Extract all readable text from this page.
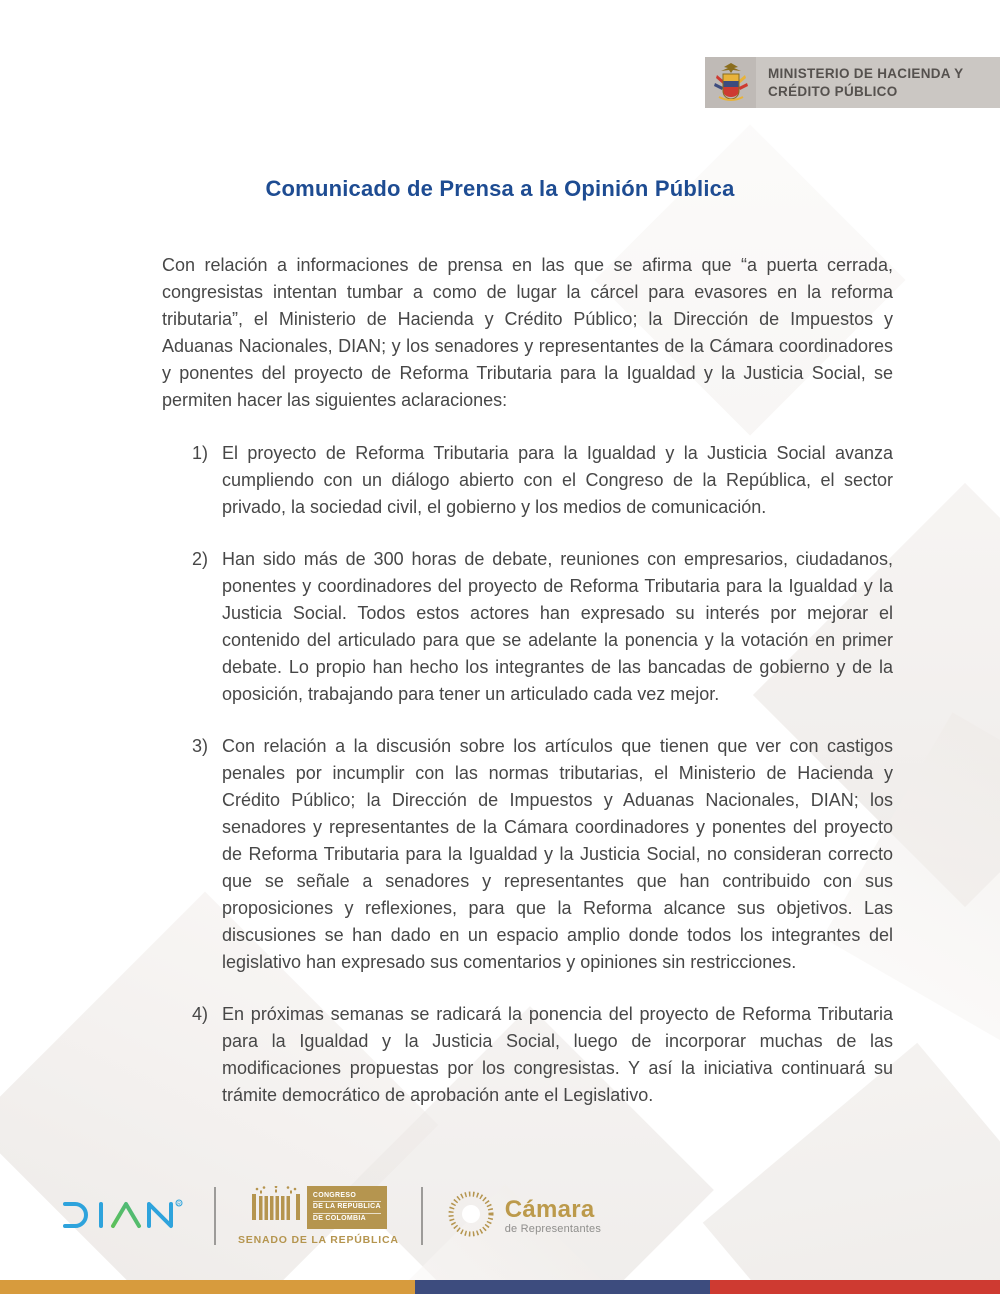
MINISTERIO DE HACIENDA Y
CRÉDITO PÚBLICO
Comunicado de Prensa a la Opinión Pública

Con relación a informaciones de prensa en las que se afirma que “a puerta cerrada, congresistas intentan tumbar a como de lugar la cárcel para evasores en la reforma tributaria”, el Ministerio de Hacienda y Crédito Público; la Dirección de Impuestos y Aduanas Nacionales, DIAN; y los senadores y representantes de la Cámara coordinadores y ponentes del proyecto de Reforma Tributaria para la Igualdad y la Justicia Social, se permiten hacer las siguientes aclaraciones:

1) El proyecto de Reforma Tributaria para la Igualdad y la Justicia Social avanza cumpliendo con un diálogo abierto con el Congreso de la República, el sector privado, la sociedad civil, el gobierno y los medios de comunicación.
2) Han sido más de 300 horas de debate, reuniones con empresarios, ciudadanos, ponentes y coordinadores del proyecto de Reforma Tributaria para la Igualdad y la Justicia Social. Todos estos actores han expresado su interés por mejorar el contenido del articulado para que se adelante la ponencia y la votación en primer debate. Lo propio han hecho los integrantes de las bancadas de gobierno y de la oposición, trabajando para tener un articulado cada vez mejor.
3) Con relación a la discusión sobre los artículos que tienen que ver con castigos penales por incumplir con las normas tributarias, el Ministerio de Hacienda y Crédito Público; la Dirección de Impuestos y Aduanas Nacionales, DIAN; los senadores y representantes de la Cámara coordinadores y ponentes del proyecto de Reforma Tributaria para la Igualdad y la Justicia Social, no consideran correcto que se señale a senadores y representantes que han contribuido con sus proposiciones y reflexiones, para que la Reforma alcance sus objetivos. Las discusiones se han dado en un espacio amplio donde todos los integrantes del legislativo han expresado sus comentarios y opiniones sin restricciones.
4) En próximas semanas se radicará la ponencia del proyecto de Reforma Tributaria para la Igualdad y la Justicia Social, luego de incorporar muchas de las modificaciones propuestas por los congresistas. Y así la iniciativa continuará su trámite democrático de aprobación ante el Legislativo.
R
CONGRESO
DE LA REPÚBLICA
DE COLOMBIA
SENADO DE LA REPÚBLICA
Cámara
de Representantes
